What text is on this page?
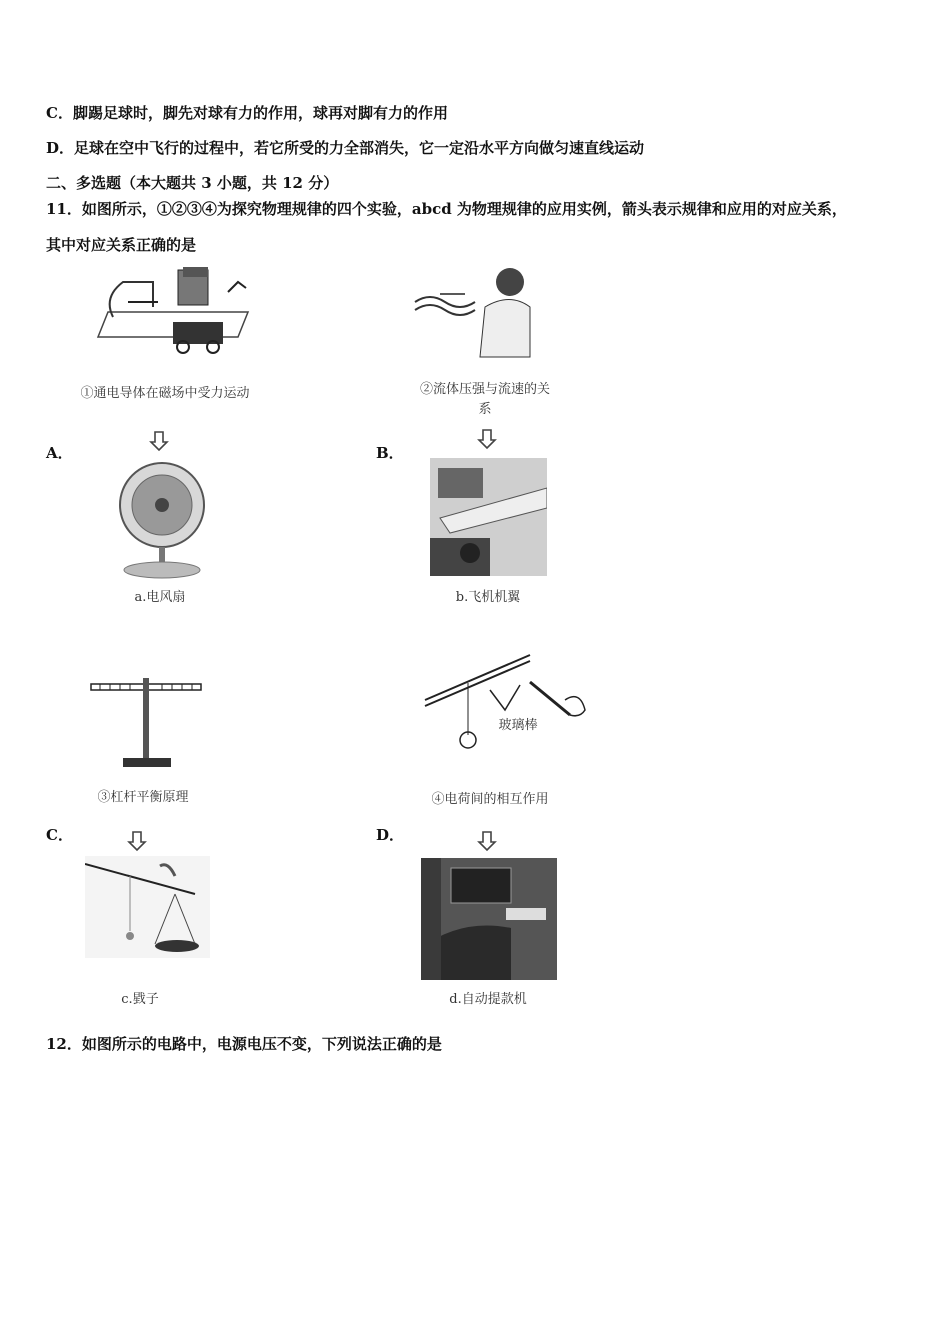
C．脚踢足球时，脚先对球有力的作用，球再对脚有力的作用
D．足球在空中飞行的过程中，若它所受的力全部消失，它一定沿水平方向做匀速直线运动
二、多选题（本大题共 3 小题，共 12 分）
11．如图所示，①②③④为探究物理规律的四个实验，abcd 为物理规律的应用实例，箭头表示规律和应用的对应关系，
其中对应关系正确的是
12．如图所示的电路中，电源电压不变，下列说法正确的是
①通电导体在磁场中受力运动
A．
②流体压强与流速的关系
B．
a.电风扇	b.飞机机翼
③杠杆平衡原理
C．
玻璃棒
④电荷间的相互作用
D．
c.戥子	d.自动提款机
